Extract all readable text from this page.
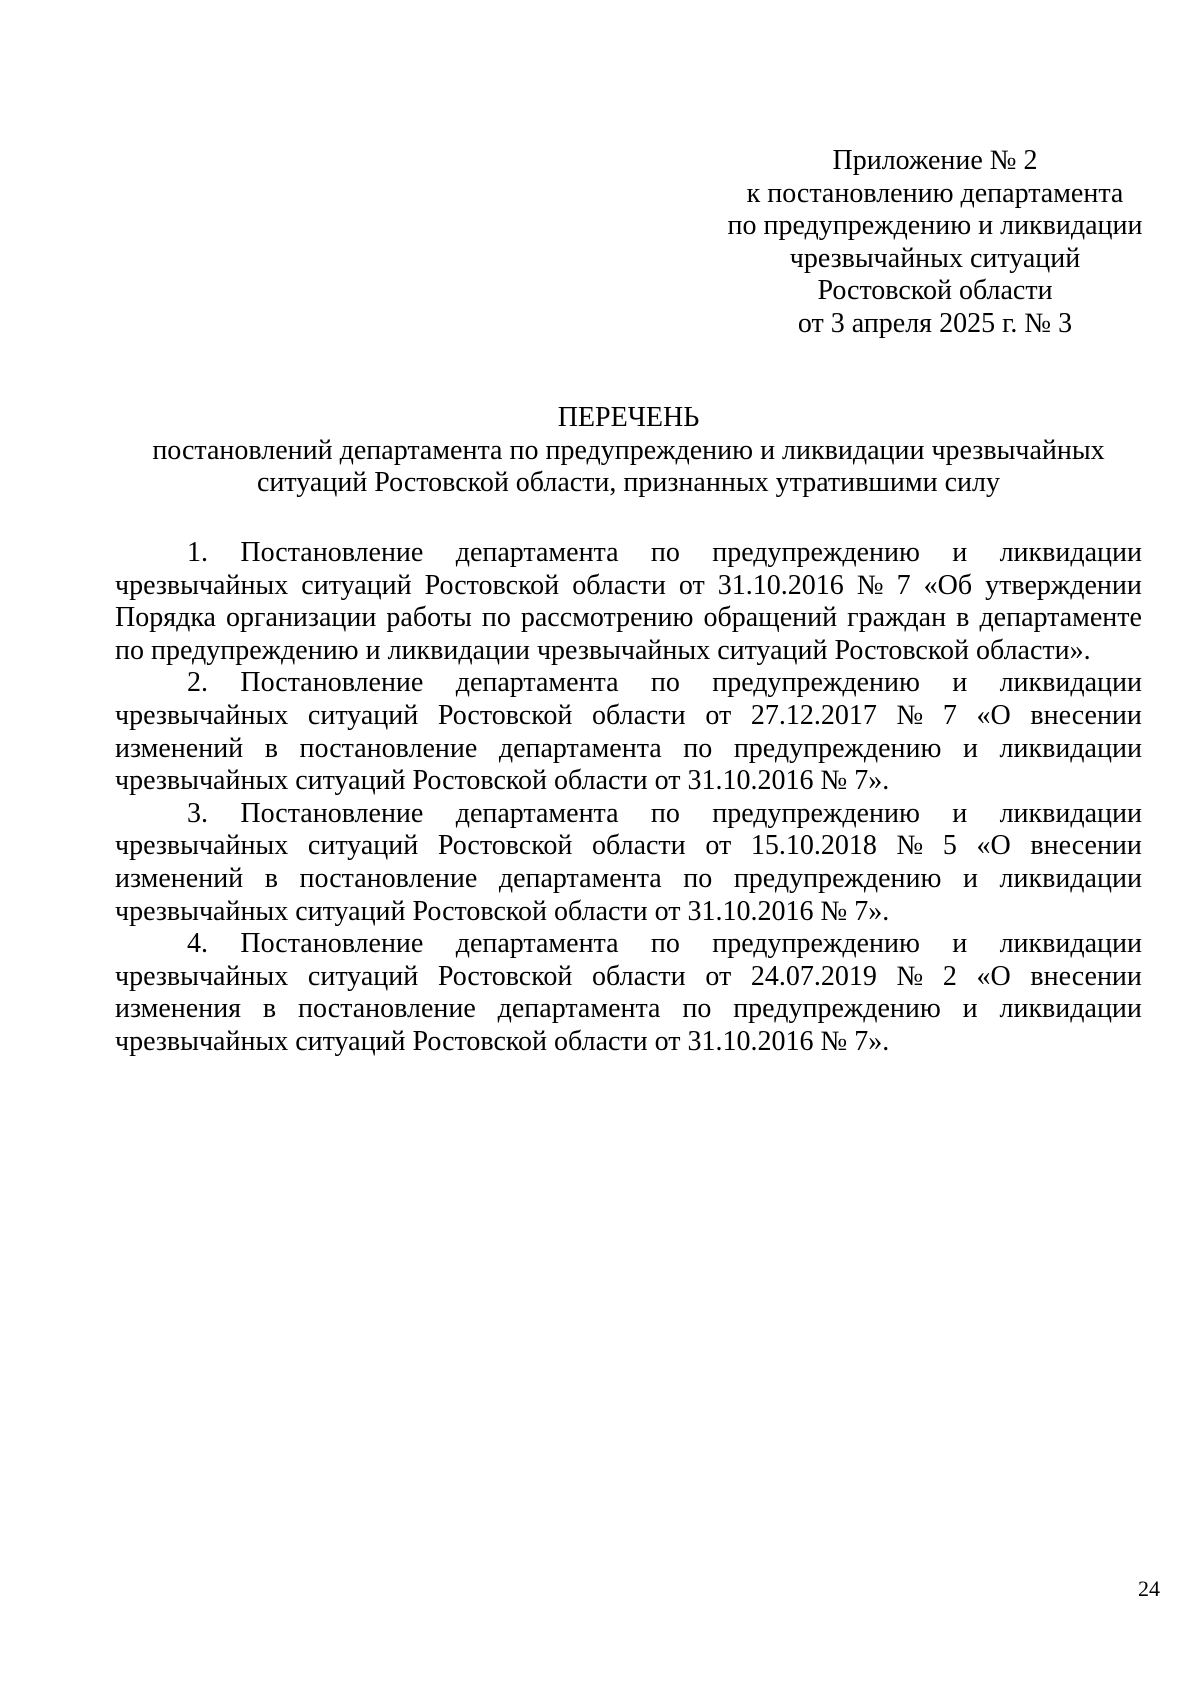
Приложение № 2
к постановлению департамента
по предупреждению и ликвидации
чрезвычайных ситуаций
Ростовской области
от 3 апреля 2025 г. № 3
ПЕРЕЧЕНЬ
постановлений департамента по предупреждению и ликвидации чрезвычайных
ситуаций Ростовской области, признанных утратившими силу
1. Постановление департамента по предупреждению и ликвидации
чрезвычайных ситуаций Ростовской области от 31.10.2016 № 7 «Об утверждении
Порядка организации работы по рассмотрению обращений граждан в департаменте
по предупреждению и ликвидации чрезвычайных ситуаций Ростовской области».
2. Постановление департамента по предупреждению и ликвидации
чрезвычайных ситуаций Ростовской области от 27.12.2017 № 7 «О внесении
изменений в постановление департамента по предупреждению и ликвидации
чрезвычайных ситуаций Ростовской области от 31.10.2016 № 7».
3. Постановление департамента по предупреждению и ликвидации
чрезвычайных ситуаций Ростовской области от 15.10.2018 № 5 «О внесении
изменений в постановление департамента по предупреждению и ликвидации
чрезвычайных ситуаций Ростовской области от 31.10.2016 № 7».
4. Постановление департамента по предупреждению и ликвидации
чрезвычайных ситуаций Ростовской области от 24.07.2019 № 2 «О внесении
изменения в постановление департамента по предупреждению и ликвидации
чрезвычайных ситуаций Ростовской области от 31.10.2016 № 7».
24
